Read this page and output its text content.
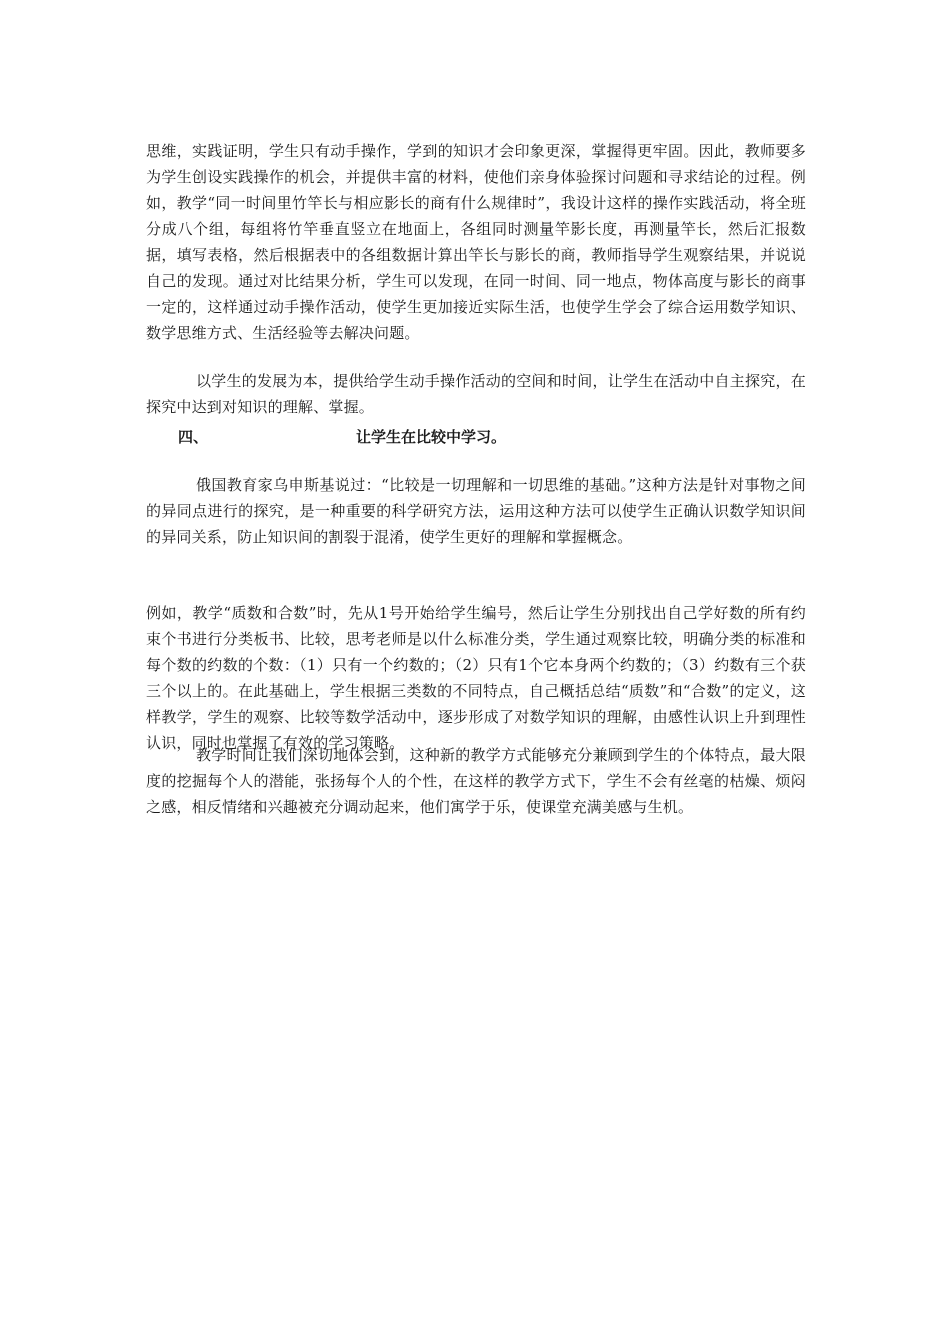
思维，实践证明，学生只有动手操作，学到的知识才会印象更深，掌握得更牢固。因此，教师要多为学生创设实践操作的机会，并提供丰富的材料，使他们亲身体验探讨问题和寻求结论的过程。例如，教学“同一时间里竹竿长与相应影长的商有什么规律时”，我设计这样的操作实践活动，将全班分成八个组，每组将竹竿垂直竖立在地面上，各组同时测量竿影长度，再测量竿长，然后汇报数据，填写表格，然后根据表中的各组数据计算出竿长与影长的商，教师指导学生观察结果，并说说自己的发现。通过对比结果分析，学生可以发现，在同一时间、同一地点，物体高度与影长的商事一定的，这样通过动手操作活动，使学生更加接近实际生活，也使学生学会了综合运用数学知识、数学思维方式、生活经验等去解决问题。

以学生的发展为本，提供给学生动手操作活动的空间和时间，让学生在活动中自主探究，在探究中达到对知识的理解、掌握。

四、	让学生在比较中学习。

俄国教育家乌申斯基说过：“比较是一切理解和一切思维的基础。”这种方法是针对事物之间的异同点进行的探究，是一种重要的科学研究方法，运用这种方法可以使学生正确认识数学知识间的异同关系，防止知识间的割裂于混淆，使学生更好的理解和掌握概念。

例如，教学“质数和合数”时，先从1号开始给学生编号，然后让学生分别找出自己学好数的所有约束个书进行分类板书、比较，思考老师是以什么标准分类，学生通过观察比较，明确分类的标准和每个数的约数的个数：（1）只有一个约数的；（2）只有1个它本身两个约数的；（3）约数有三个获三个以上的。在此基础上，学生根据三类数的不同特点，自己概括总结“质数”和“合数”的定义，这样教学，学生的观察、比较等数学活动中，逐步形成了对数学知识的理解，由感性认识上升到理性认识，同时也掌握了有效的学习策略。

教学时间让我们深切地体会到，这种新的教学方式能够充分兼顾到学生的个体特点，最大限度的挖掘每个人的潜能，张扬每个人的个性，在这样的教学方式下，学生不会有丝毫的枯燥、烦闷之感，相反情绪和兴趣被充分调动起来，他们寓学于乐，使课堂充满美感与生机。
